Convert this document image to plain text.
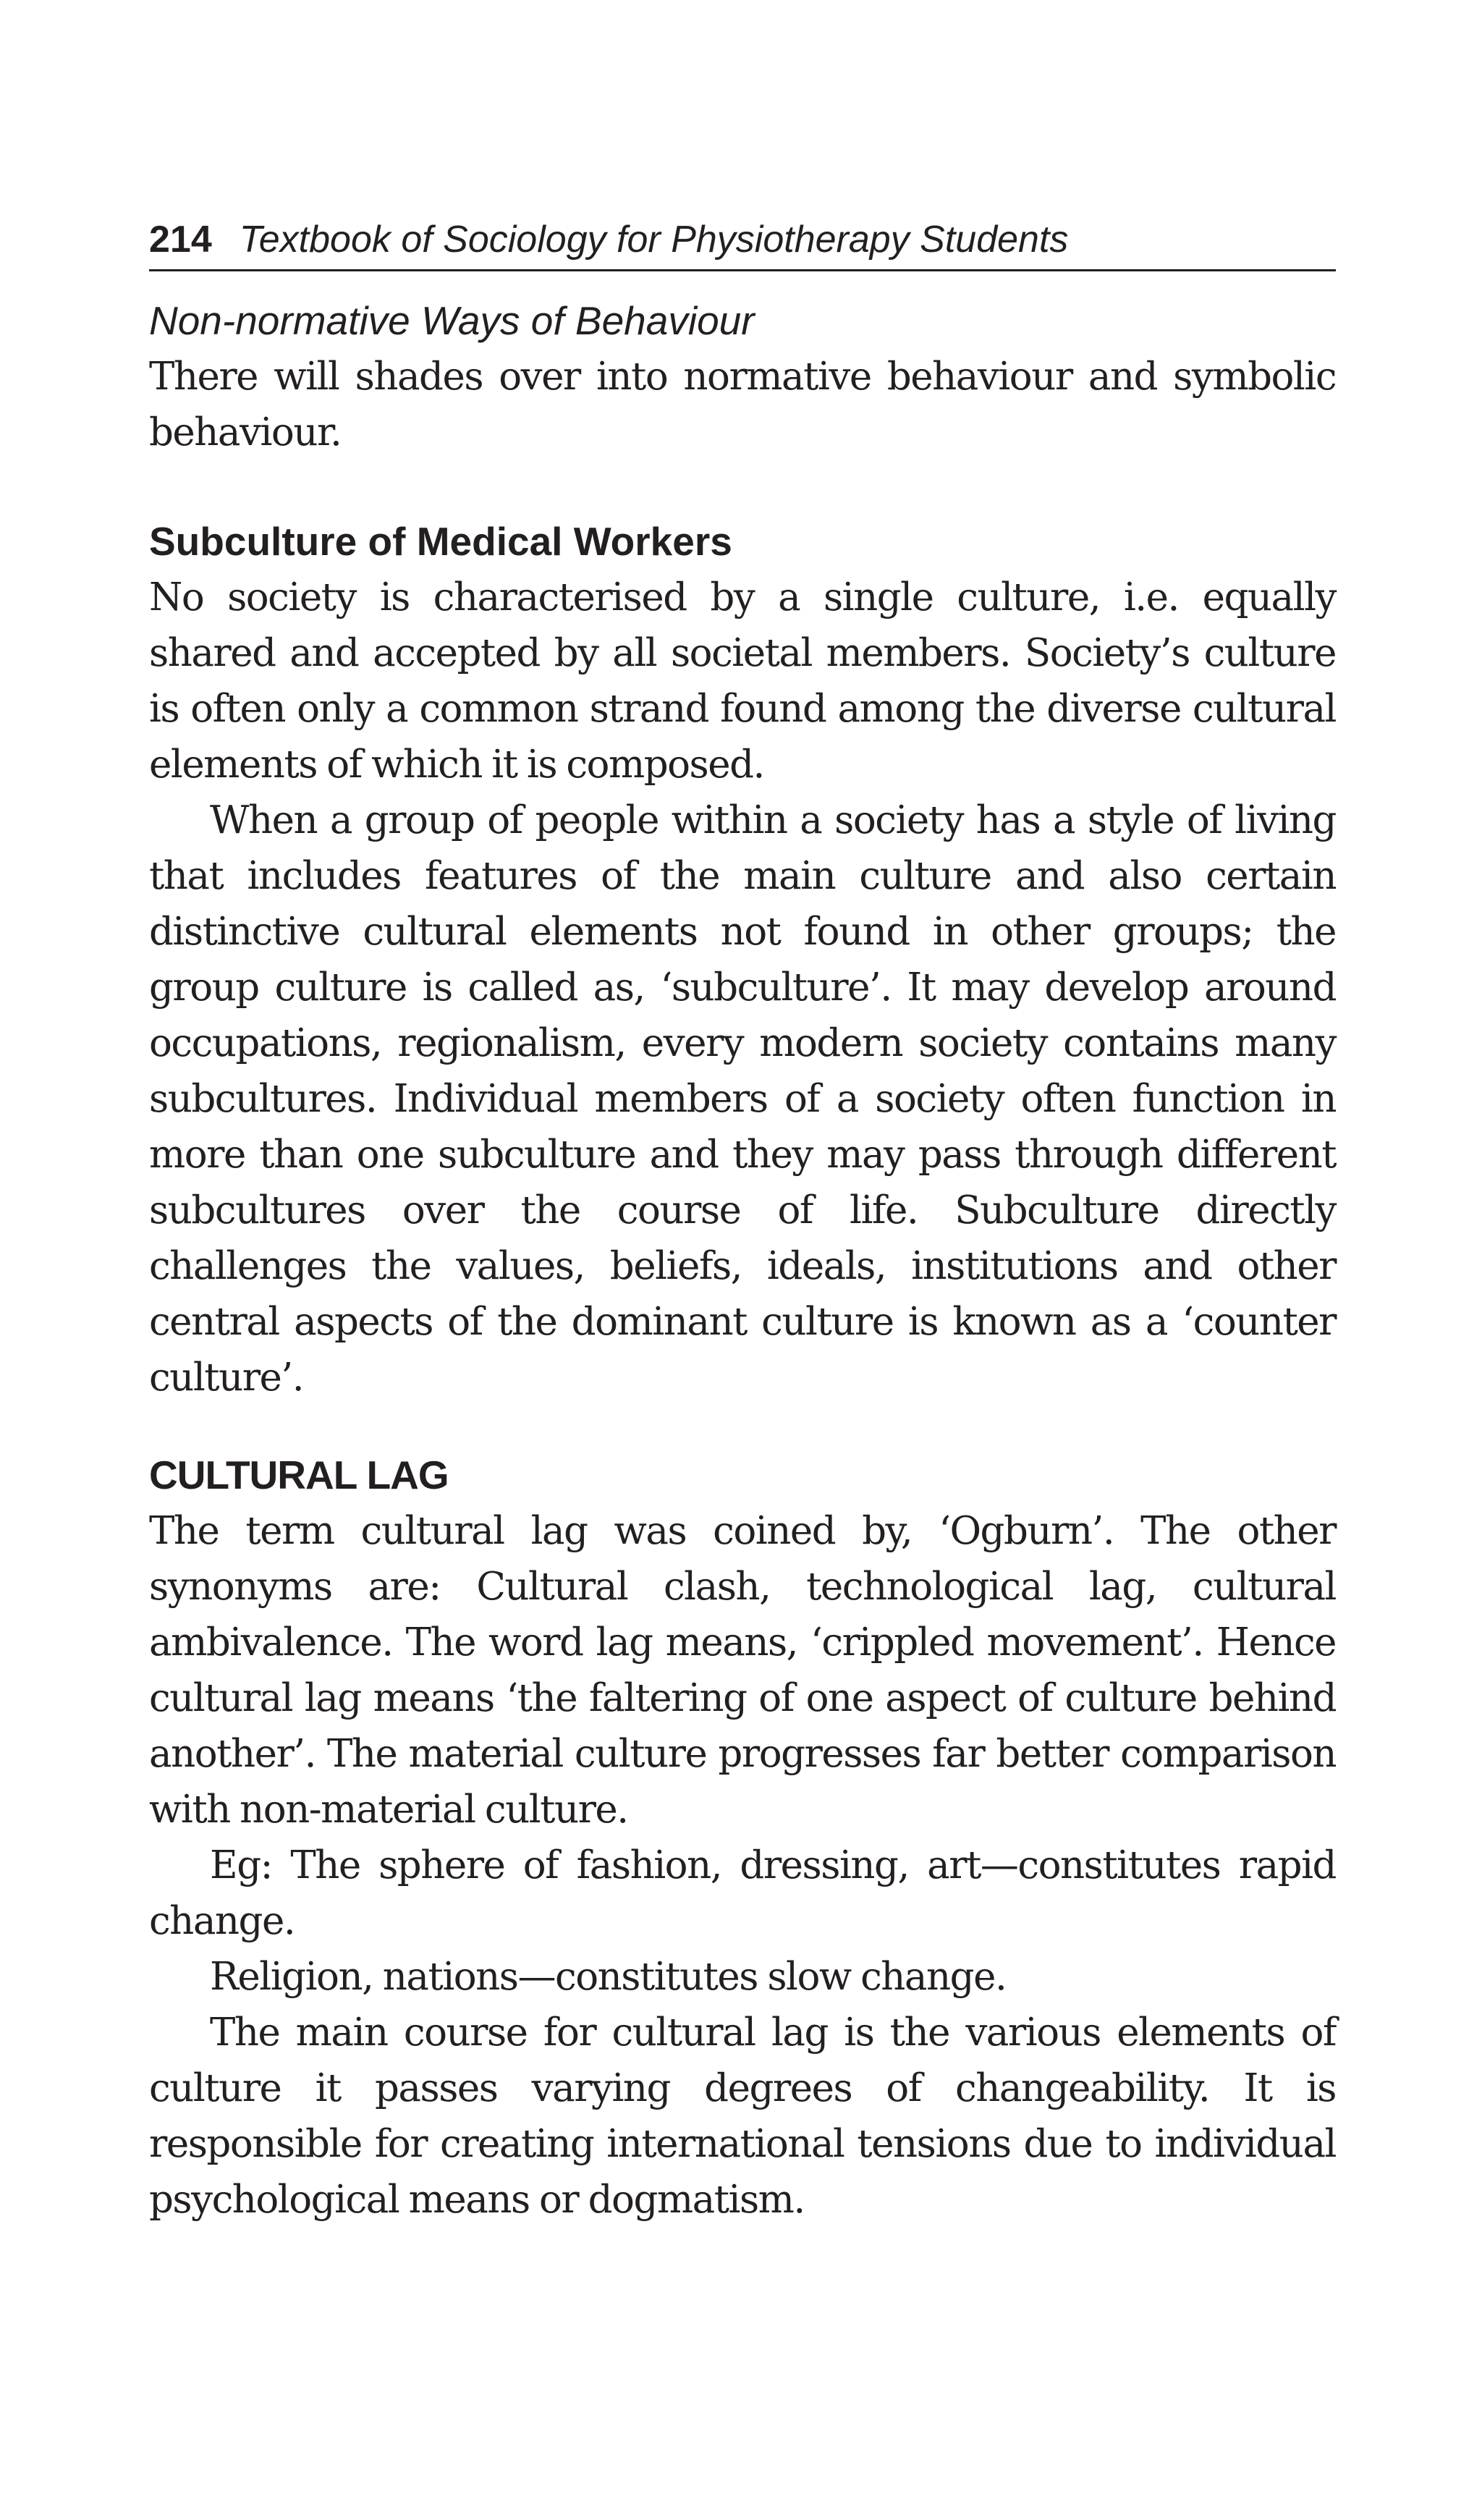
214 Textbook of Sociology for Physiotherapy Students
Non-normative Ways of Behaviour

There will shades over into normative behaviour and symbolic behaviour.

Subculture of Medical Workers

No society is characterised by a single culture, i.e. equally shared and accepted by all societal members. Society’s culture is often only a common strand found among the diverse cultural elements of which it is composed.

When a group of people within a society has a style of living that includes features of the main culture and also certain distinctive cultural elements not found in other groups; the group culture is called as, ‘subculture’. It may develop around occupations, regionalism, every modern society contains many subcultures. Individual members of a society often function in more than one subculture and they may pass through different subcultures over the course of life. Subculture directly challenges the values, beliefs, ideals, institutions and other central aspects of the dominant culture is known as a ‘counter culture’.

CULTURAL LAG

The term cultural lag was coined by, ‘Ogburn’. The other synonyms are: Cultural clash, technological lag, cultural ambivalence. The word lag means, ‘crippled movement’. Hence cultural lag means ‘the faltering of one aspect of culture behind another’. The material culture progresses far better comparison with non-material culture.

Eg: The sphere of fashion, dressing, art—constitutes rapid change.

Religion, nations—constitutes slow change.

The main course for cultural lag is the various elements of culture it passes varying degrees of changeability. It is responsible for creating international tensions due to individual psychological means or dogmatism.
